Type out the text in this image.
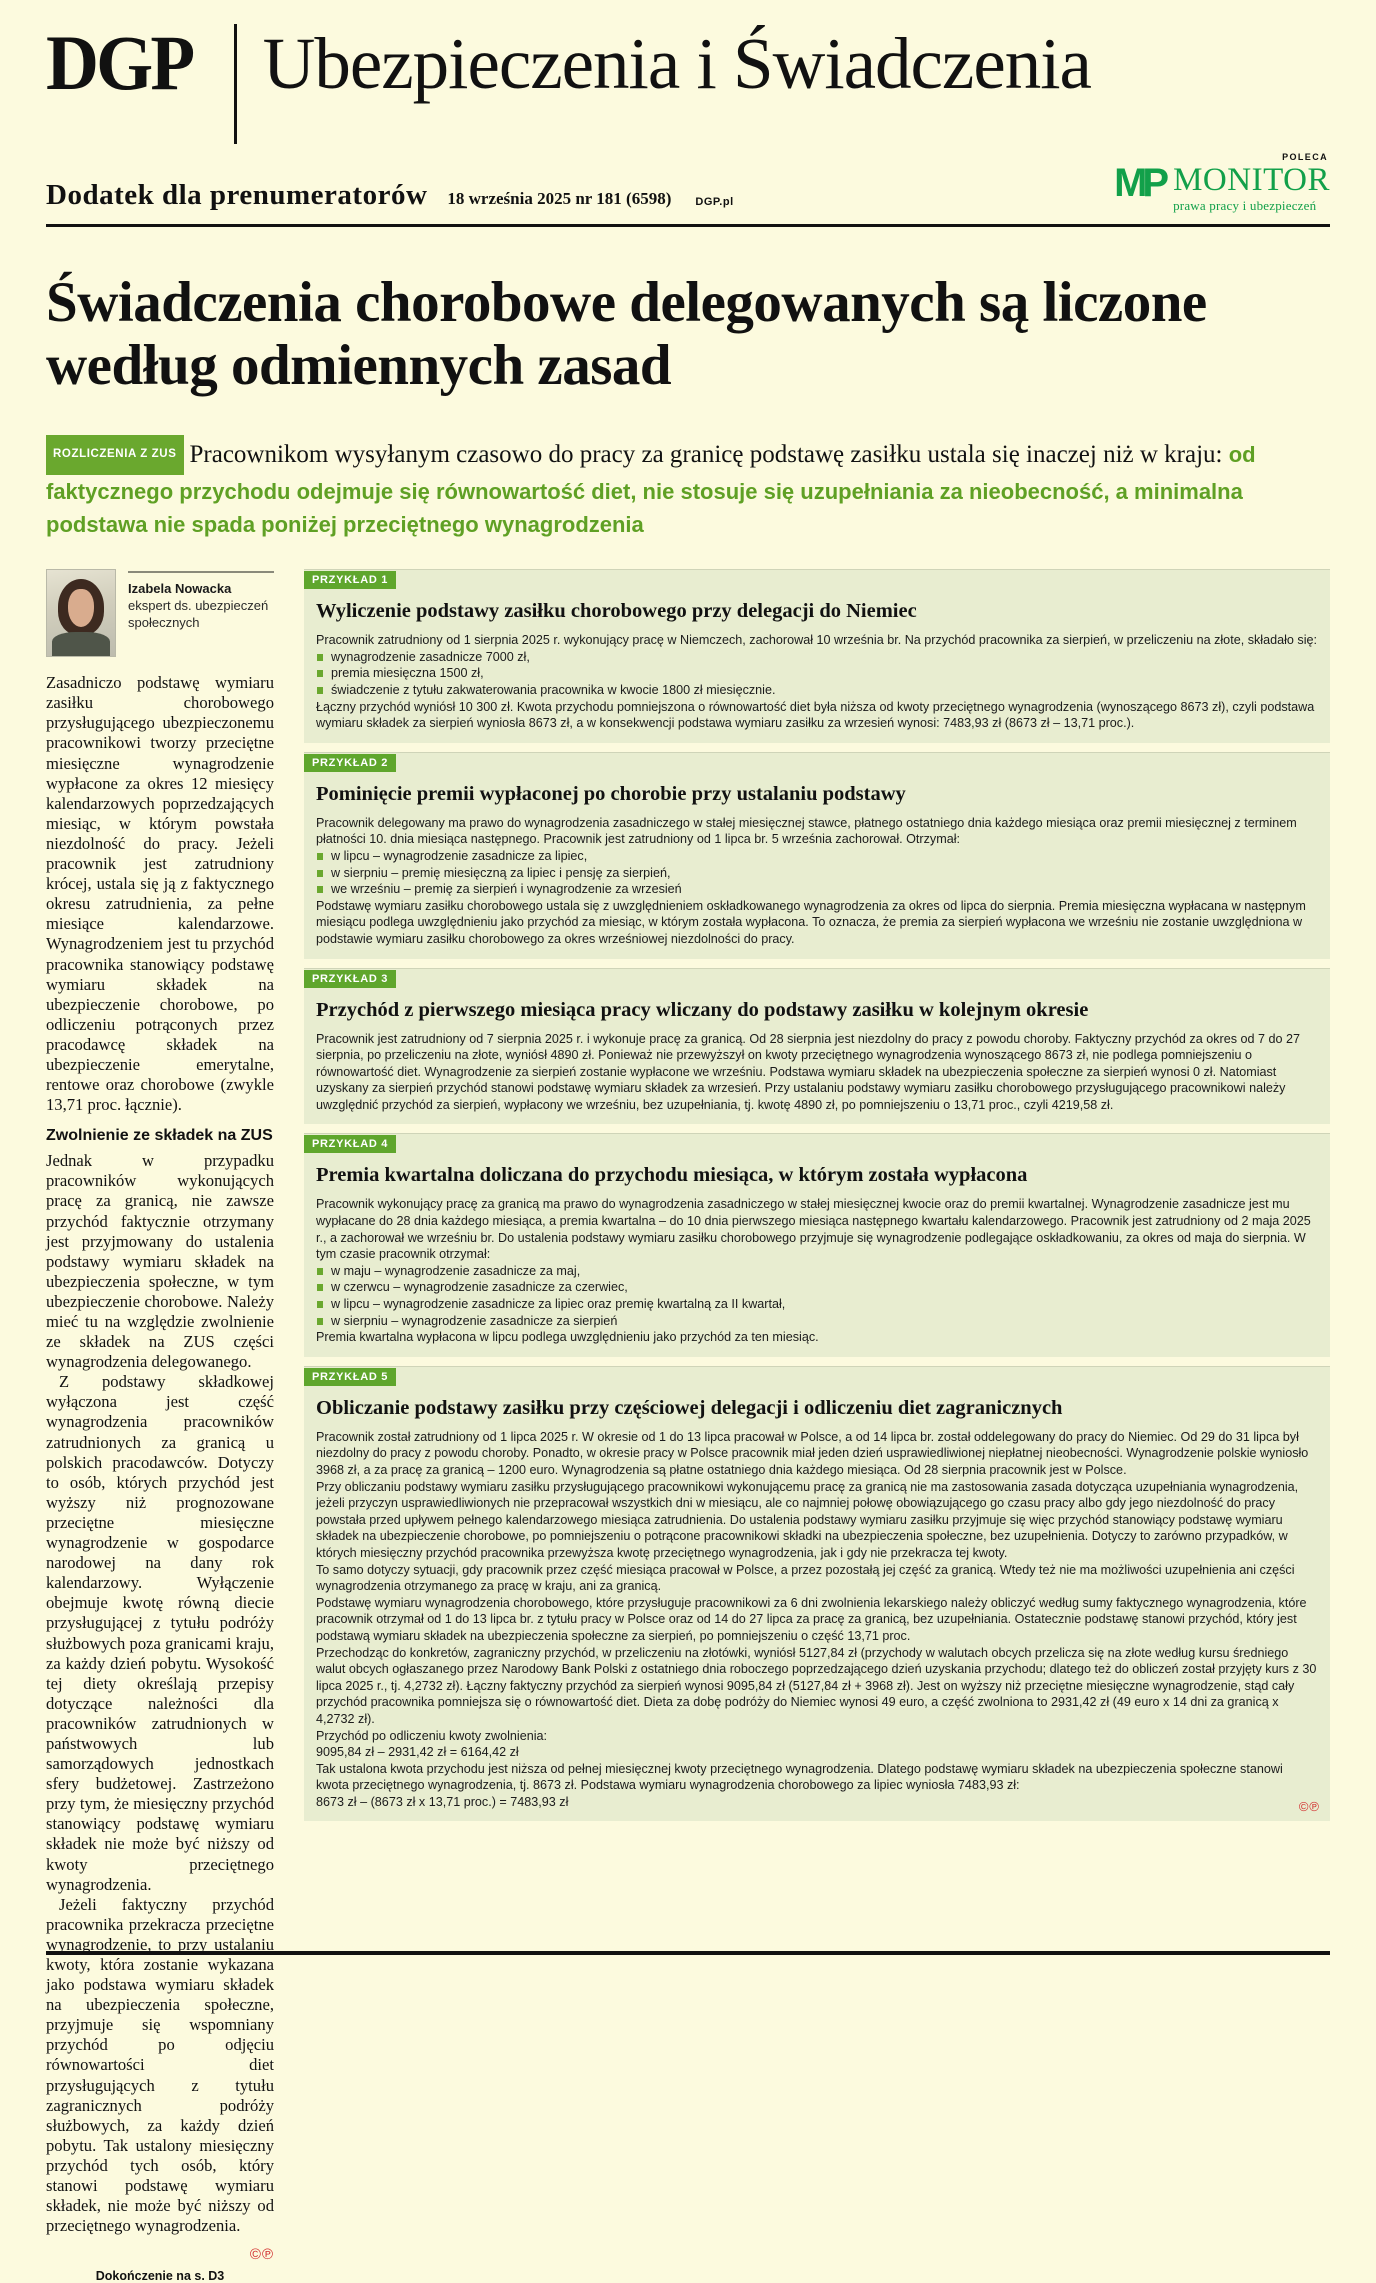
DGP Ubezpieczenia i Świadczenia
Dodatek dla prenumeratorów 18 września 2025 nr 181 (6598) DGP.pl
POLECA
MP MONITOR
prawa pracy i ubezpieczeń
Świadczenia chorobowe delegowanych są liczone według odmiennych zasad
ROZLICZENIA Z ZUS Pracownikom wysyłanym czasowo do pracy za granicę podstawę zasiłku ustala się inaczej niż w kraju: od faktycznego przychodu odejmuje się równowartość diet, nie stosuje się uzupełniania za nieobecność, a minimalna podstawa nie spada poniżej przeciętnego wynagrodzenia
Izabela Nowacka
ekspert ds. ubezpieczeń
społecznych

Zasadniczo podstawę wymiaru zasiłku chorobowego przysługującego ubezpieczonemu pracownikowi tworzy przeciętne miesięczne wynagrodzenie wypłacone za okres 12 miesięcy kalendarzowych poprzedzających miesiąc, w którym powstała niezdolność do pracy. Jeżeli pracownik jest zatrudniony krócej, ustala się ją z faktycznego okresu zatrudnienia, za pełne miesiące kalendarzowe. Wynagrodzeniem jest tu przychód pracownika stanowiący podstawę wymiaru składek na ubezpieczenie chorobowe, po odliczeniu potrąconych przez pracodawcę składek na ubezpieczenie emerytalne, rentowe oraz chorobowe (zwykle 13,71 proc. łącznie).

Zwolnienie ze składek na ZUS

Jednak w przypadku pracowników wykonujących pracę za granicą, nie zawsze przychód faktycznie otrzymany jest przyjmowany do ustalenia podstawy wymiaru składek na ubezpieczenia społeczne, w tym ubezpieczenie chorobowe. Należy mieć tu na względzie zwolnienie ze składek na ZUS części wynagrodzenia delegowanego.

Z podstawy składkowej wyłączona jest część wynagrodzenia pracowników zatrudnionych za granicą u polskich pracodawców. Dotyczy to osób, których przychód jest wyższy niż prognozowane przeciętne miesięczne wynagrodzenie w gospodarce narodowej na dany rok kalendarzowy. Wyłączenie obejmuje kwotę równą diecie przysługującej z tytułu podróży służbowych poza granicami kraju, za każdy dzień pobytu. Wysokość tej diety określają przepisy dotyczące należności dla pracowników zatrudnionych w państwowych lub samorządowych jednostkach sfery budżetowej. Zastrzeżono przy tym, że miesięczny przychód stanowiący podstawę wymiaru składek nie może być niższy od kwoty przeciętnego wynagrodzenia.

Jeżeli faktyczny przychód pracownika przekracza przeciętne wynagrodzenie, to przy ustalaniu kwoty, która zostanie wykazana jako podstawa wymiaru składek na ubezpieczenia społeczne, przyjmuje się wspomniany przychód po odjęciu równowartości diet przysługujących z tytułu zagranicznych podróży służbowych, za każdy dzień pobytu. Tak ustalony miesięczny przychód tych osób, który stanowi podstawę wymiaru składek, nie może być niższy od przeciętnego wynagrodzenia.

©℗
Dokończenie na s. D3
PRZYKŁAD 1
Wyliczenie podstawy zasiłku chorobowego przy delegacji do Niemiec

Pracownik zatrudniony od 1 sierpnia 2025 r. wykonujący pracę w Niemczech, zachorował 10 września br. Na przychód pracownika za sierpień, w przeliczeniu na złote, składało się:

wynagrodzenie zasadnicze 7000 zł,
premia miesięczna 1500 zł,
świadczenie z tytułu zakwaterowania pracownika w kwocie 1800 zł miesięcznie.

Łączny przychód wyniósł 10 300 zł. Kwota przychodu pomniejszona o równowartość diet była niższa od kwoty przeciętnego wynagrodzenia (wynoszącego 8673 zł), czyli podstawa wymiaru składek za sierpień wyniosła 8673 zł, a w konsekwencji podstawa wymiaru zasiłku za wrzesień wynosi: 7483,93 zł (8673 zł – 13,71 proc.).

PRZYKŁAD 2
Pominięcie premii wypłaconej po chorobie przy ustalaniu podstawy

Pracownik delegowany ma prawo do wynagrodzenia zasadniczego w stałej miesięcznej stawce, płatnego ostatniego dnia każdego miesiąca oraz premii miesięcznej z terminem płatności 10. dnia miesiąca następnego. Pracownik jest zatrudniony od 1 lipca br. 5 września zachorował. Otrzymał:

w lipcu – wynagrodzenie zasadnicze za lipiec,
w sierpniu – premię miesięczną za lipiec i pensję za sierpień,
we wrześniu – premię za sierpień i wynagrodzenie za wrzesień

Podstawę wymiaru zasiłku chorobowego ustala się z uwzględnieniem oskładkowanego wynagrodzenia za okres od lipca do sierpnia. Premia miesięczna wypłacana w następnym miesiącu podlega uwzględnieniu jako przychód za miesiąc, w którym została wypłacona. To oznacza, że premia za sierpień wypłacona we wrześniu nie zostanie uwzględniona w podstawie wymiaru zasiłku chorobowego za okres wrześniowej niezdolności do pracy.

PRZYKŁAD 3
Przychód z pierwszego miesiąca pracy wliczany do podstawy zasiłku w kolejnym okresie

Pracownik jest zatrudniony od 7 sierpnia 2025 r. i wykonuje pracę za granicą. Od 28 sierpnia jest niezdolny do pracy z powodu choroby. Faktyczny przychód za okres od 7 do 27 sierpnia, po przeliczeniu na złote, wyniósł 4890 zł. Ponieważ nie przewyższył on kwoty przeciętnego wynagrodzenia wynoszącego 8673 zł, nie podlega pomniejszeniu o równowartość diet. Wynagrodzenie za sierpień zostanie wypłacone we wrześniu. Podstawa wymiaru składek na ubezpieczenia społeczne za sierpień wynosi 0 zł. Natomiast uzyskany za sierpień przychód stanowi podstawę wymiaru składek za wrzesień. Przy ustalaniu podstawy wymiaru zasiłku chorobowego przysługującego pracownikowi należy uwzględnić przychód za sierpień, wypłacony we wrześniu, bez uzupełniania, tj. kwotę 4890 zł, po pomniejszeniu o 13,71 proc., czyli 4219,58 zł.

PRZYKŁAD 4
Premia kwartalna doliczana do przychodu miesiąca, w którym została wypłacona

Pracownik wykonujący pracę za granicą ma prawo do wynagrodzenia zasadniczego w stałej miesięcznej kwocie oraz do premii kwartalnej. Wynagrodzenie zasadnicze jest mu wypłacane do 28 dnia każdego miesiąca, a premia kwartalna – do 10 dnia pierwszego miesiąca następnego kwartału kalendarzowego. Pracownik jest zatrudniony od 2 maja 2025 r., a zachorował we wrześniu br. Do ustalenia podstawy wymiaru zasiłku chorobowego przyjmuje się wynagrodzenie podlegające oskładkowaniu, za okres od maja do sierpnia. W tym czasie pracownik otrzymał:

w maju – wynagrodzenie zasadnicze za maj,
w czerwcu – wynagrodzenie zasadnicze za czerwiec,
w lipcu – wynagrodzenie zasadnicze za lipiec oraz premię kwartalną za II kwartał,
w sierpniu – wynagrodzenie zasadnicze za sierpień

Premia kwartalna wypłacona w lipcu podlega uwzględnieniu jako przychód za ten miesiąc.

PRZYKŁAD 5
Obliczanie podstawy zasiłku przy częściowej delegacji i odliczeniu diet zagranicznych

Pracownik został zatrudniony od 1 lipca 2025 r. W okresie od 1 do 13 lipca pracował w Polsce, a od 14 lipca br. został oddelegowany do pracy do Niemiec. Od 29 do 31 lipca był niezdolny do pracy z powodu choroby. Ponadto, w okresie pracy w Polsce pracownik miał jeden dzień usprawiedliwionej niepłatnej nieobecności. Wynagrodzenie polskie wyniosło 3968 zł, a za pracę za granicą – 1200 euro. Wynagrodzenia są płatne ostatniego dnia każdego miesiąca. Od 28 sierpnia pracownik jest w Polsce.

Przy obliczaniu podstawy wymiaru zasiłku przysługującego pracownikowi wykonującemu pracę za granicą nie ma zastosowania zasada dotycząca uzupełniania wynagrodzenia, jeżeli przyczyn usprawiedliwionych nie przepracował wszystkich dni w miesiącu, ale co najmniej połowę obowiązującego go czasu pracy albo gdy jego niezdolność do pracy powstała przed upływem pełnego kalendarzowego miesiąca zatrudnienia. Do ustalenia podstawy wymiaru zasiłku przyjmuje się więc przychód stanowiący podstawę wymiaru składek na ubezpieczenie chorobowe, po pomniejszeniu o potrącone pracownikowi składki na ubezpieczenia społeczne, bez uzupełnienia. Dotyczy to zarówno przypadków, w których miesięczny przychód pracownika przewyższa kwotę przeciętnego wynagrodzenia, jak i gdy nie przekracza tej kwoty.

To samo dotyczy sytuacji, gdy pracownik przez część miesiąca pracował w Polsce, a przez pozostałą jej część za granicą. Wtedy też nie ma możliwości uzupełnienia ani części wynagrodzenia otrzymanego za pracę w kraju, ani za granicą.

Podstawę wymiaru wynagrodzenia chorobowego, które przysługuje pracownikowi za 6 dni zwolnienia lekarskiego należy obliczyć według sumy faktycznego wynagrodzenia, które pracownik otrzymał od 1 do 13 lipca br. z tytułu pracy w Polsce oraz od 14 do 27 lipca za pracę za granicą, bez uzupełniania. Ostatecznie podstawę stanowi przychód, który jest podstawą wymiaru składek na ubezpieczenia społeczne za sierpień, po pomniejszeniu o część 13,71 proc.

Przechodząc do konkretów, zagraniczny przychód, w przeliczeniu na złotówki, wyniósł 5127,84 zł (przychody w walutach obcych przelicza się na złote według kursu średniego walut obcych ogłaszanego przez Narodowy Bank Polski z ostatniego dnia roboczego poprzedzającego dzień uzyskania przychodu; dlatego też do obliczeń został przyjęty kurs z 30 lipca 2025 r., tj. 4,2732 zł). Łączny faktyczny przychód za sierpień wynosi 9095,84 zł (5127,84 zł + 3968 zł). Jest on wyższy niż przeciętne miesięczne wynagrodzenie, stąd cały przychód pracownika pomniejsza się o równowartość diet. Dieta za dobę podróży do Niemiec wynosi 49 euro, a część zwolniona to 2931,42 zł (49 euro x 14 dni za granicą x 4,2732 zł).

Przychód po odliczeniu kwoty zwolnienia:

9095,84 zł – 2931,42 zł = 6164,42 zł

Tak ustalona kwota przychodu jest niższa od pełnej miesięcznej kwoty przeciętnego wynagrodzenia. Dlatego podstawę wymiaru składek na ubezpieczenia społeczne stanowi kwota przeciętnego wynagrodzenia, tj. 8673 zł. Podstawa wymiaru wynagrodzenia chorobowego za lipiec wyniosła 7483,93 zł:

8673 zł – (8673 zł x 13,71 proc.) = 7483,93 zł	©℗
